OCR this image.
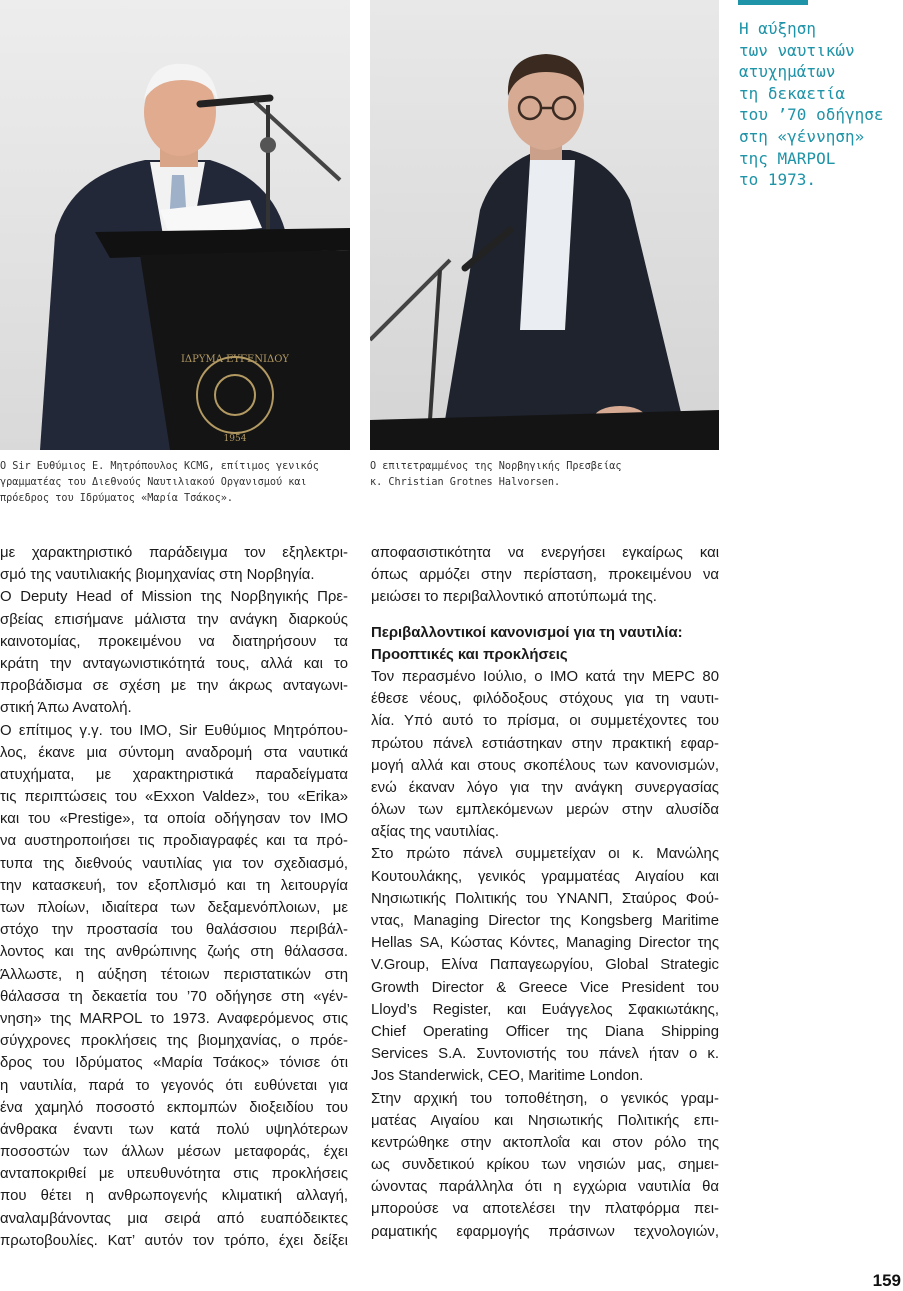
ΙΔΡΥΜΑ ΕΥΓΕΝΙΔΟΥ
1954
Ο Sir Ευθύμιος Ε. Μητρόπουλος KCMG, επίτιμος γενικός
γραμματέας του Διεθνούς Ναυτιλιακού Οργανισμού και
πρόεδρος του Ιδρύματος «Μαρία Τσάκος».
Ο επιτετραμμένος της Νορβηγικής Πρεσβείας
κ. Christian Grotnes Halvorsen.
Η αύξηση
των ναυτικών
ατυχημάτων
τη δεκαετία
του ’70 οδήγησε
στη «γέννηση»
της MARPOL
το 1973.
με χαρακτηριστικό παράδειγμα τον εξηλεκτρι-
σμό της ναυτιλιακής βιομηχανίας στη Νορβηγία.
Ο Deputy Head of Mission της Νορβηγικής Πρε-
σβείας επισήμανε μάλιστα την ανάγκη διαρκούς
καινοτομίας, προκειμένου να διατηρήσουν τα
κράτη την ανταγωνιστικότητά τους, αλλά και το
προβάδισμα σε σχέση με την άκρως ανταγωνι-
στική Άπω Ανατολή.
Ο επίτιμος γ.γ. του ΙΜΟ, Sir Ευθύμιος Μητρόπου-
λος, έκανε μια σύντομη αναδρομή στα ναυτικά
ατυχήματα, με χαρακτηριστικά παραδείγματα
τις περιπτώσεις του «Exxon Valdez», του «Erika»
και του «Prestige», τα οποία οδήγησαν τον ΙΜΟ
να αυστηροποιήσει τις προδιαγραφές και τα πρό-
τυπα της διεθνούς ναυτιλίας για τον σχεδιασμό,
την κατασκευή, τον εξοπλισμό και τη λειτουργία
των πλοίων, ιδιαίτερα των δεξαμενόπλοιων, με
στόχο την προστασία του θαλάσσιου περιβάλ-
λοντος και της ανθρώπινης ζωής στη θάλασσα.
Άλλωστε, η αύξηση τέτοιων περιστατικών στη
θάλασσα τη δεκαετία του ’70 οδήγησε στη «γέν-
νηση» της MARPOL το 1973. Αναφερόμενος στις
σύγχρονες προκλήσεις της βιομηχανίας, ο πρόε-
δρος του Ιδρύματος «Μαρία Τσάκος» τόνισε ότι
η ναυτιλία, παρά το γεγονός ότι ευθύνεται για
ένα χαμηλό ποσοστό εκπομπών διοξειδίου του
άνθρακα έναντι των κατά πολύ υψηλότερων
ποσοστών των άλλων μέσων μεταφοράς, έχει
ανταποκριθεί με υπευθυνότητα στις προκλήσεις
που θέτει η ανθρωπογενής κλιματική αλλαγή,
αναλαμβάνοντας μια σειρά από ευαπόδεικτες
πρωτοβουλίες. Κατ’ αυτόν τον τρόπο, έχει δείξει
αποφασιστικότητα να ενεργήσει εγκαίρως και
όπως αρμόζει στην περίσταση, προκειμένου να
μειώσει το περιβαλλοντικό αποτύπωμά της.
Περιβαλλοντικοί κανονισμοί για τη ναυτιλία:
Προοπτικές και προκλήσεις
Τον περασμένο Ιούλιο, ο ΙΜΟ κατά την MEPC 80
έθεσε νέους, φιλόδοξους στόχους για τη ναυτι-
λία. Υπό αυτό το πρίσμα, οι συμμετέχοντες του
πρώτου πάνελ εστιάστηκαν στην πρακτική εφαρ-
μογή αλλά και στους σκοπέλους των κανονισμών,
ενώ έκαναν λόγο για την ανάγκη συνεργασίας
όλων των εμπλεκόμενων μερών στην αλυσίδα
αξίας της ναυτιλίας.
Στο πρώτο πάνελ συμμετείχαν οι κ. Μανώλης
Κουτουλάκης, γενικός γραμματέας Αιγαίου και
Νησιωτικής Πολιτικής του ΥΝΑΝΠ, Σταύρος Φού-
ντας, Managing Director της Kongsberg Maritime
Hellas SA, Κώστας Κόντες, Managing Director της
V.Group, Ελίνα Παπαγεωργίου, Global Strategic
Growth Director & Greece Vice President του
Lloyd’s Register, και Ευάγγελος Σφακιωτάκης,
Chief Operating Officer της Diana Shipping
Services S.A. Συντονιστής του πάνελ ήταν ο κ.
Jos Standerwick, CEO, Maritime London.
Στην αρχική του τοποθέτηση, ο γενικός γραμ-
ματέας Αιγαίου και Νησιωτικής Πολιτικής επι-
κεντρώθηκε στην ακτοπλοΐα και στον ρόλο της
ως συνδετικού κρίκου των νησιών μας, σημει-
ώνοντας παράλληλα ότι η εγχώρια ναυτιλία θα
μπορούσε να αποτελέσει την πλατφόρμα πει-
ραματικής εφαρμογής πράσινων τεχνολογιών,
159
